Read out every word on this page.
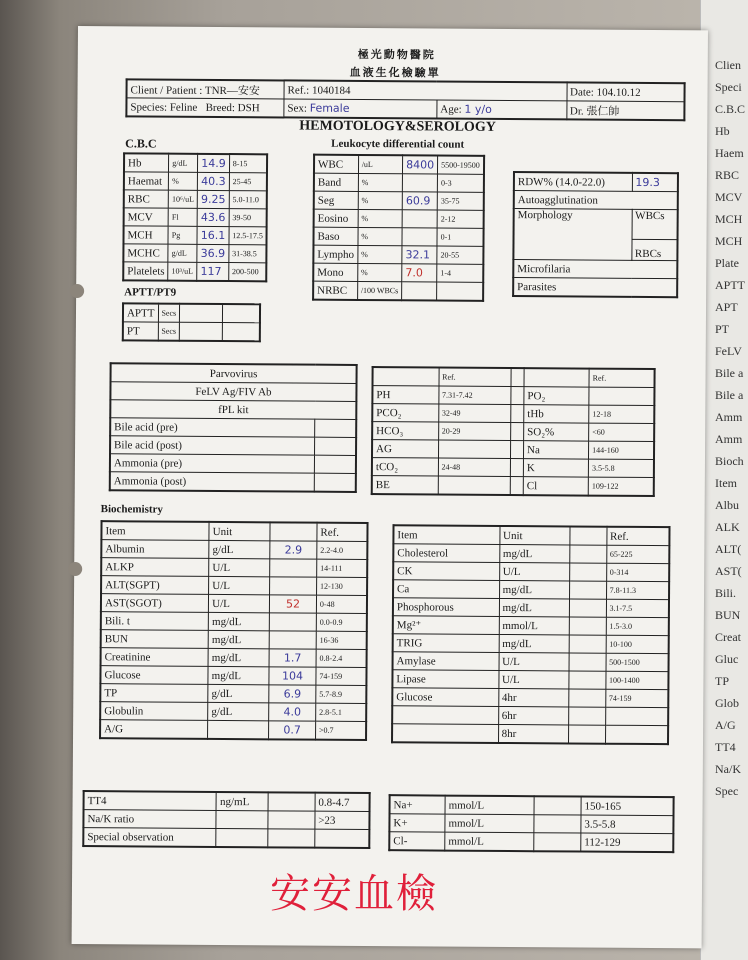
Clien
Speci
C.B.C
Hb
Haem
RBC
MCV
MCH
MCH
Plate
APTT
APT
PT
FeLV
Bile a
Bile a
Amm
Amm
Bioch
Item
Albu
ALK
ALT(
AST(
Bili.
BUN
Creat
Gluc
TP
Glob
A/G
TT4
Na/K
Spec
極光動物醫院
血液生化檢驗單
Client / Patient : TNR—安安	Ref.: 1040184		Date: 104.10.12
Species: Feline Breed: DSH	Sex: Female	Age: 1 y/o	Dr. 張仁帥
HEMOTOLOGY&SEROLOGY
C.B.C
Hb	g/dL	14.9	8-15
Haemat	%	40.3	25-45
RBC	10⁶/uL	9.25	5.0-11.0
MCV	Fl	43.6	39-50
MCH	Pg	16.1	12.5-17.5
MCHC	g/dL	36.9	31-38.5
Platelets	10³/uL	117	200-500
Leukocyte differential count
WBC	/uL	8400	5500-19500
Band	%		0-3
Seg	%	60.9	35-75
Eosino	%		2-12
Baso	%		0-1
Lympho	%	32.1	20-55
Mono	%	7.0	1-4
NRBC	/100 WBCs		
RDW% (14.0-22.0)	19.3
Autoagglutination	
Morphology	WBCs
	RBCs
Microfilaria	
Parasites	
APTT/PT9
APTT	Secs		
PT	Secs		
Parvovirus	
FeLV Ag/FIV Ab	
fPL kit	
Bile acid (pre)	
Bile acid (post)	
Ammonia (pre)	
Ammonia (post)	
	Ref.			Ref.
PH	7.31-7.42		PO₂	
PCO₂	32-49		tHb	12-18
HCO₃	20-29		SO₂%	<60
AG			Na	144-160
tCO₂	24-48		K	3.5-5.8
BE			Cl	109-122
Biochemistry
Item	Unit		Ref.
Albumin	g/dL	2.9	2.2-4.0
ALKP	U/L		14-111
ALT(SGPT)	U/L		12-130
AST(SGOT)	U/L	52	0-48
Bili. t	mg/dL		0.0-0.9
BUN	mg/dL		16-36
Creatinine	mg/dL	1.7	0.8-2.4
Glucose	mg/dL	104	74-159
TP	g/dL	6.9	5.7-8.9
Globulin	g/dL	4.0	2.8-5.1
A/G		0.7	>0.7
Item	Unit		Ref.
Cholesterol	mg/dL		65-225
CK	U/L		0-314
Ca	mg/dL		7.8-11.3
Phosphorous	mg/dL		3.1-7.5
Mg²⁺	mmol/L		1.5-3.0
TRIG	mg/dL		10-100
Amylase	U/L		500-1500
Lipase	U/L		100-1400
Glucose	4hr		74-159
	6hr		
	8hr		
TT4	ng/mL		0.8-4.7
Na/K ratio			>23
Special observation			
Na+	mmol/L		150-165
K+	mmol/L		3.5-5.8
Cl-	mmol/L		112-129
安安血檢
